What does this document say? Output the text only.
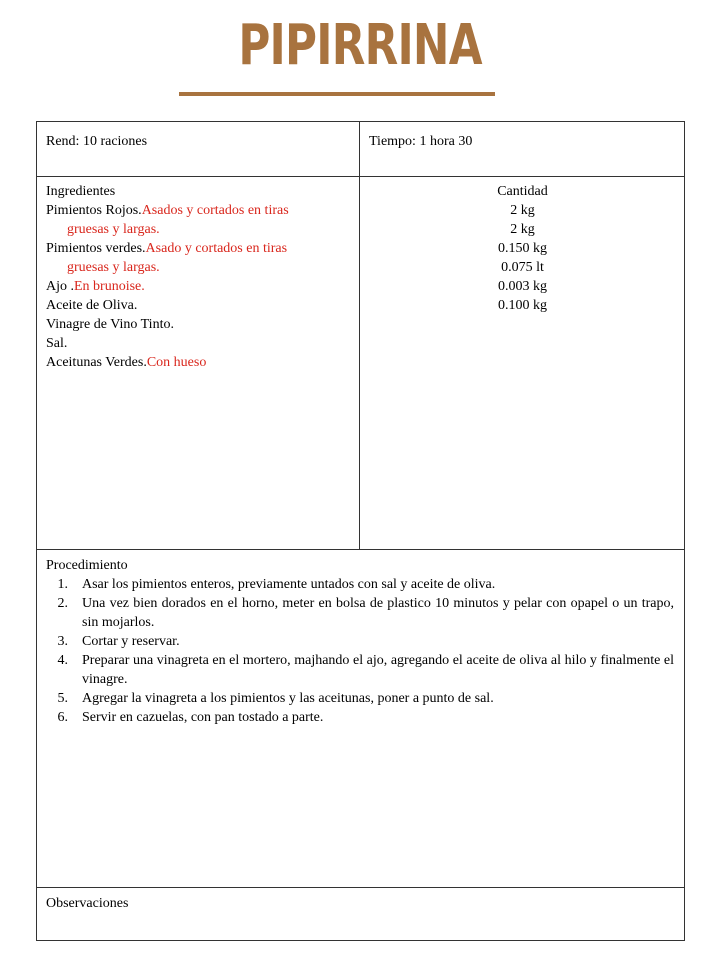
PIPIRRINA
Rend: 10 raciones	Tiempo: 1 hora 30
Ingredientes
Pimientos Rojos.Asados y cortados en tiras
gruesas y largas.
Pimientos verdes.Asado y cortados en tiras
gruesas y largas.
Ajo .En brunoise.
Aceite de Oliva.
Vinagre de Vino Tinto.
Sal.
Aceitunas Verdes.Con hueso
Cantidad
2 kg
2 kg
0.150 kg
0.075 lt
0.003 kg
0.100 kg
Procedimiento
1. Asar los pimientos enteros, previamente untados con sal y aceite de oliva.
2. Una vez bien dorados en el horno, meter en bolsa de plastico 10 minutos y pelar con opapel o un trapo, sin mojarlos.
3. Cortar y reservar.
4. Preparar una vinagreta en el mortero, majhando el ajo, agregando el aceite de oliva al hilo y finalmente el vinagre.
5. Agregar la vinagreta a los pimientos y las aceitunas, poner a punto de sal.
6. Servir en cazuelas, con pan tostado a parte.
Observaciones
